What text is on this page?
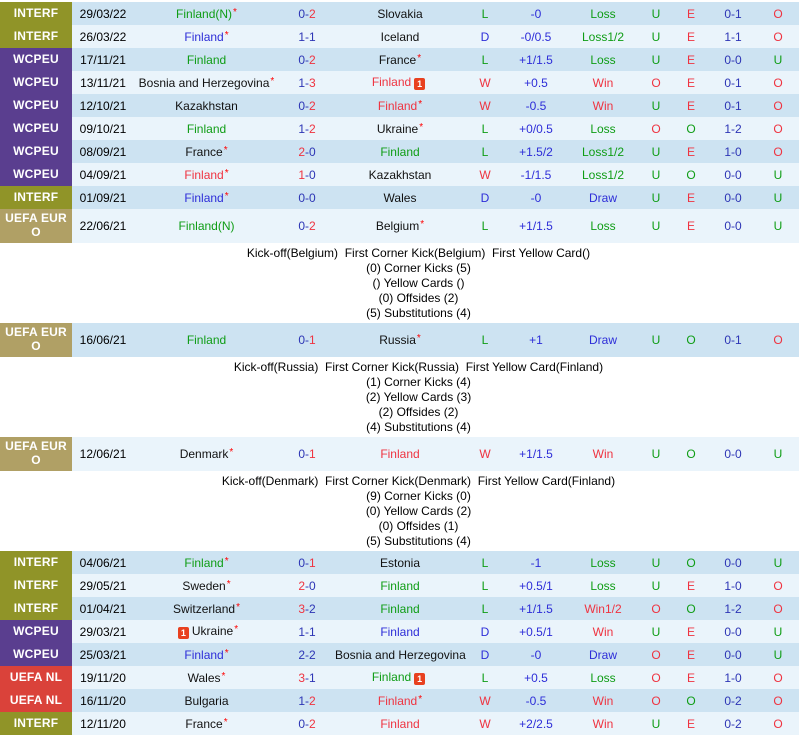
INTERF	29/03/22	Finland(N)*	0-2	Slovakia	L	-0	Loss	U	E	0-1	O
INTERF	26/03/22	Finland*	1-1	Iceland	D	-0/0.5	Loss1/2	U	E	1-1	O
WCPEU	17/11/21	Finland	0-2	France*	L	+1/1.5	Loss	U	E	0-0	U
WCPEU	13/11/21	Bosnia and Herzegovina*	1-3	Finland 1	W	+0.5	Win	O	E	0-1	O
WCPEU	12/10/21	Kazakhstan	0-2	Finland*	W	-0.5	Win	U	E	0-1	O
WCPEU	09/10/21	Finland	1-2	Ukraine*	L	+0/0.5	Loss	O	O	1-2	O
WCPEU	08/09/21	France*	2-0	Finland	L	+1.5/2	Loss1/2	U	E	1-0	O
WCPEU	04/09/21	Finland*	1-0	Kazakhstan	W	-1/1.5	Loss1/2	U	O	0-0	U
INTERF	01/09/21	Finland*	0-0	Wales	D	-0	Draw	U	E	0-0	U
UEFA EURO	22/06/21	Finland(N)	0-2	Belgium*	L	+1/1.5	Loss	U	E	0-0	U
Kick-off(Belgium)  First Corner Kick(Belgium)  First Yellow Card()
(0) Corner Kicks (5)
() Yellow Cards ()
(0) Offsides (2)
(5) Substitutions (4)
UEFA EURO	16/06/21	Finland	0-1	Russia*	L	+1	Draw	U	O	0-1	O
Kick-off(Russia)  First Corner Kick(Russia)  First Yellow Card(Finland)
(1) Corner Kicks (4)
(2) Yellow Cards (3)
(2) Offsides (2)
(4) Substitutions (4)
UEFA EURO	12/06/21	Denmark*	0-1	Finland	W	+1/1.5	Win	U	O	0-0	U
Kick-off(Denmark)  First Corner Kick(Denmark)  First Yellow Card(Finland)
(9) Corner Kicks (0)
(0) Yellow Cards (2)
(0) Offsides (1)
(5) Substitutions (4)
INTERF	04/06/21	Finland*	0-1	Estonia	L	-1	Loss	U	O	0-0	U
INTERF	29/05/21	Sweden*	2-0	Finland	L	+0.5/1	Loss	U	E	1-0	O
INTERF	01/04/21	Switzerland*	3-2	Finland	L	+1/1.5	Win1/2	O	O	1-2	O
WCPEU	29/03/21	1 Ukraine*	1-1	Finland	D	+0.5/1	Win	U	E	0-0	U
WCPEU	25/03/21	Finland*	2-2	Bosnia and Herzegovina	D	-0	Draw	O	E	0-0	U
UEFA NL	19/11/20	Wales*	3-1	Finland 1	L	+0.5	Loss	O	E	1-0	O
UEFA NL	16/11/20	Bulgaria	1-2	Finland*	W	-0.5	Win	O	O	0-2	O
INTERF	12/11/20	France*	0-2	Finland	W	+2/2.5	Win	U	E	0-2	O
